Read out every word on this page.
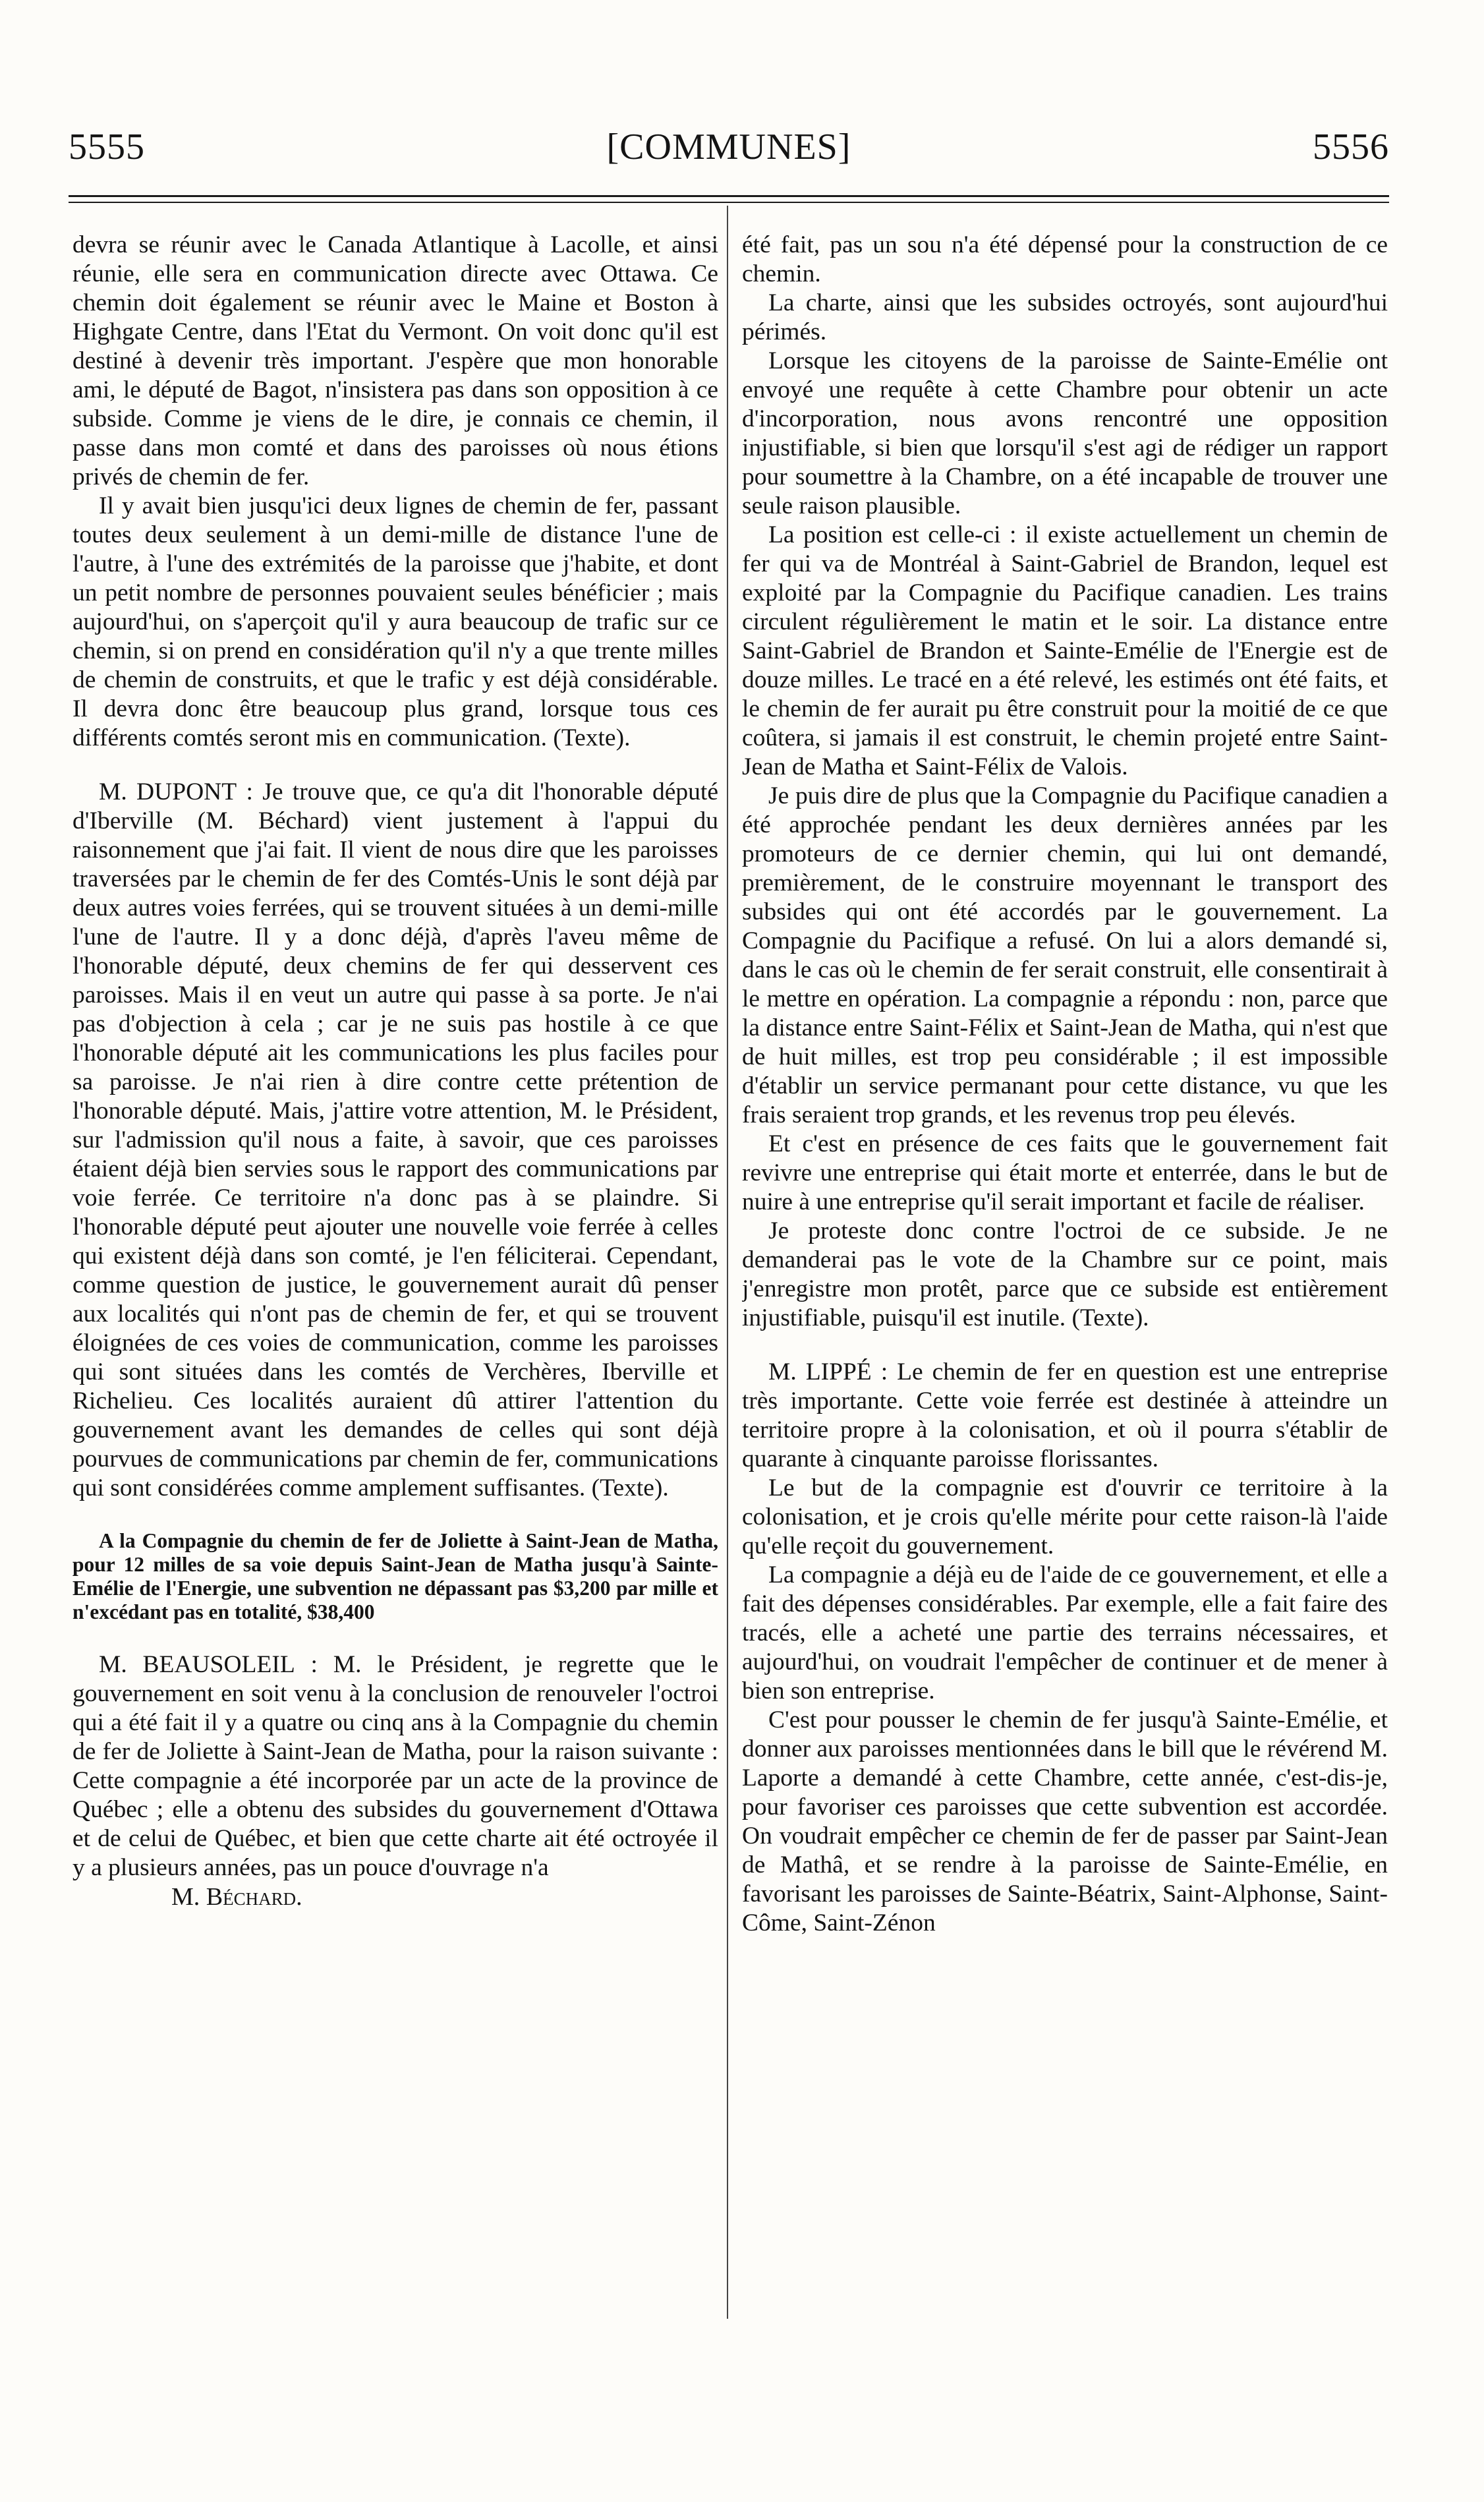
5555	[COMMUNES]	5556

devra se réunir avec le Canada Atlantique à Lacolle, et ainsi réunie, elle sera en communication directe avec Ottawa. Ce chemin doit également se réunir avec le Maine et Boston à Highgate Centre, dans l'Etat du Vermont. On voit donc qu'il est destiné à devenir très important. J'espère que mon honorable ami, le député de Bagot, n'insistera pas dans son opposition à ce subside. Comme je viens de le dire, je connais ce chemin, il passe dans mon comté et dans des paroisses où nous étions privés de chemin de fer.

Il y avait bien jusqu'ici deux lignes de chemin de fer, passant toutes deux seulement à un demi-mille de distance l'une de l'autre, à l'une des extrémités de la paroisse que j'habite, et dont un petit nombre de personnes pouvaient seules bénéficier ; mais aujourd'hui, on s'aperçoit qu'il y aura beaucoup de trafic sur ce chemin, si on prend en considération qu'il n'y a que trente milles de chemin de construits, et que le trafic y est déjà considérable. Il devra donc être beaucoup plus grand, lorsque tous ces différents comtés seront mis en communication. (Texte).

M. DUPONT : Je trouve que, ce qu'a dit l'honorable député d'Iberville (M. Béchard) vient justement à l'appui du raisonnement que j'ai fait. Il vient de nous dire que les paroisses traversées par le chemin de fer des Comtés-Unis le sont déjà par deux autres voies ferrées, qui se trouvent situées à un demi-mille l'une de l'autre. Il y a donc déjà, d'après l'aveu même de l'honorable député, deux chemins de fer qui desservent ces paroisses. Mais il en veut un autre qui passe à sa porte. Je n'ai pas d'objection à cela ; car je ne suis pas hostile à ce que l'honorable député ait les communications les plus faciles pour sa paroisse. Je n'ai rien à dire contre cette prétention de l'honorable député. Mais, j'attire votre attention, M. le Président, sur l'admission qu'il nous a faite, à savoir, que ces paroisses étaient déjà bien servies sous le rapport des communications par voie ferrée. Ce territoire n'a donc pas à se plaindre. Si l'honorable député peut ajouter une nouvelle voie ferrée à celles qui existent déjà dans son comté, je l'en féliciterai. Cependant, comme question de justice, le gouvernement aurait dû penser aux localités qui n'ont pas de chemin de fer, et qui se trouvent éloignées de ces voies de communication, comme les paroisses qui sont situées dans les comtés de Verchères, Iberville et Richelieu. Ces localités auraient dû attirer l'attention du gouvernement avant les demandes de celles qui sont déjà pourvues de communications par chemin de fer, communications qui sont considérées comme amplement suffisantes. (Texte).

A la Compagnie du chemin de fer de Joliette à Saint-Jean de Matha, pour 12 milles de sa voie depuis Saint-Jean de Matha jusqu'à Sainte-Emélie de l'Energie, une subvention ne dépassant pas $3,200 par mille et n'excédant pas en totalité, $38,400

M. BEAUSOLEIL : M. le Président, je regrette que le gouvernement en soit venu à la conclusion de renouveler l'octroi qui a été fait il y a quatre ou cinq ans à la Compagnie du chemin de fer de Joliette à Saint-Jean de Matha, pour la raison suivante : Cette compagnie a été incorporée par un acte de la province de Québec ; elle a obtenu des subsides du gouvernement d'Ottawa et de celui de Québec, et bien que cette charte ait été octroyée il y a plusieurs années, pas un pouce d'ouvrage n'a

M. Béchard.

été fait, pas un sou n'a été dépensé pour la construction de ce chemin.

La charte, ainsi que les subsides octroyés, sont aujourd'hui périmés.

Lorsque les citoyens de la paroisse de Sainte-Emélie ont envoyé une requête à cette Chambre pour obtenir un acte d'incorporation, nous avons rencontré une opposition injustifiable, si bien que lorsqu'il s'est agi de rédiger un rapport pour soumettre à la Chambre, on a été incapable de trouver une seule raison plausible.

La position est celle-ci : il existe actuellement un chemin de fer qui va de Montréal à Saint-Gabriel de Brandon, lequel est exploité par la Compagnie du Pacifique canadien. Les trains circulent régulièrement le matin et le soir. La distance entre Saint-Gabriel de Brandon et Sainte-Emélie de l'Energie est de douze milles. Le tracé en a été relevé, les estimés ont été faits, et le chemin de fer aurait pu être construit pour la moitié de ce que coûtera, si jamais il est construit, le chemin projeté entre Saint-Jean de Matha et Saint-Félix de Valois.

Je puis dire de plus que la Compagnie du Pacifique canadien a été approchée pendant les deux dernières années par les promoteurs de ce dernier chemin, qui lui ont demandé, premièrement, de le construire moyennant le transport des subsides qui ont été accordés par le gouvernement. La Compagnie du Pacifique a refusé. On lui a alors demandé si, dans le cas où le chemin de fer serait construit, elle consentirait à le mettre en opération. La compagnie a répondu : non, parce que la distance entre Saint-Félix et Saint-Jean de Matha, qui n'est que de huit milles, est trop peu considérable ; il est impossible d'établir un service permanant pour cette distance, vu que les frais seraient trop grands, et les revenus trop peu élevés.

Et c'est en présence de ces faits que le gouvernement fait revivre une entreprise qui était morte et enterrée, dans le but de nuire à une entreprise qu'il serait important et facile de réaliser.

Je proteste donc contre l'octroi de ce subside. Je ne demanderai pas le vote de la Chambre sur ce point, mais j'enregistre mon protêt, parce que ce subside est entièrement injustifiable, puisqu'il est inutile. (Texte).

M. LIPPÉ : Le chemin de fer en question est une entreprise très importante. Cette voie ferrée est destinée à atteindre un territoire propre à la colonisation, et où il pourra s'établir de quarante à cinquante paroisse florissantes.

Le but de la compagnie est d'ouvrir ce territoire à la colonisation, et je crois qu'elle mérite pour cette raison-là l'aide qu'elle reçoit du gouvernement.

La compagnie a déjà eu de l'aide de ce gouvernement, et elle a fait des dépenses considérables. Par exemple, elle a fait faire des tracés, elle a acheté une partie des terrains nécessaires, et aujourd'hui, on voudrait l'empêcher de continuer et de mener à bien son entreprise.

C'est pour pousser le chemin de fer jusqu'à Sainte-Emélie, et donner aux paroisses mentionnées dans le bill que le révérend M. Laporte a demandé à cette Chambre, cette année, c'est-dis-je, pour favoriser ces paroisses que cette subvention est accordée. On voudrait empêcher ce chemin de fer de passer par Saint-Jean de Mathâ, et se rendre à la paroisse de Sainte-Emélie, en favorisant les paroisses de Sainte-Béatrix, Saint-Alphonse, Saint-Côme, Saint-Zénon
